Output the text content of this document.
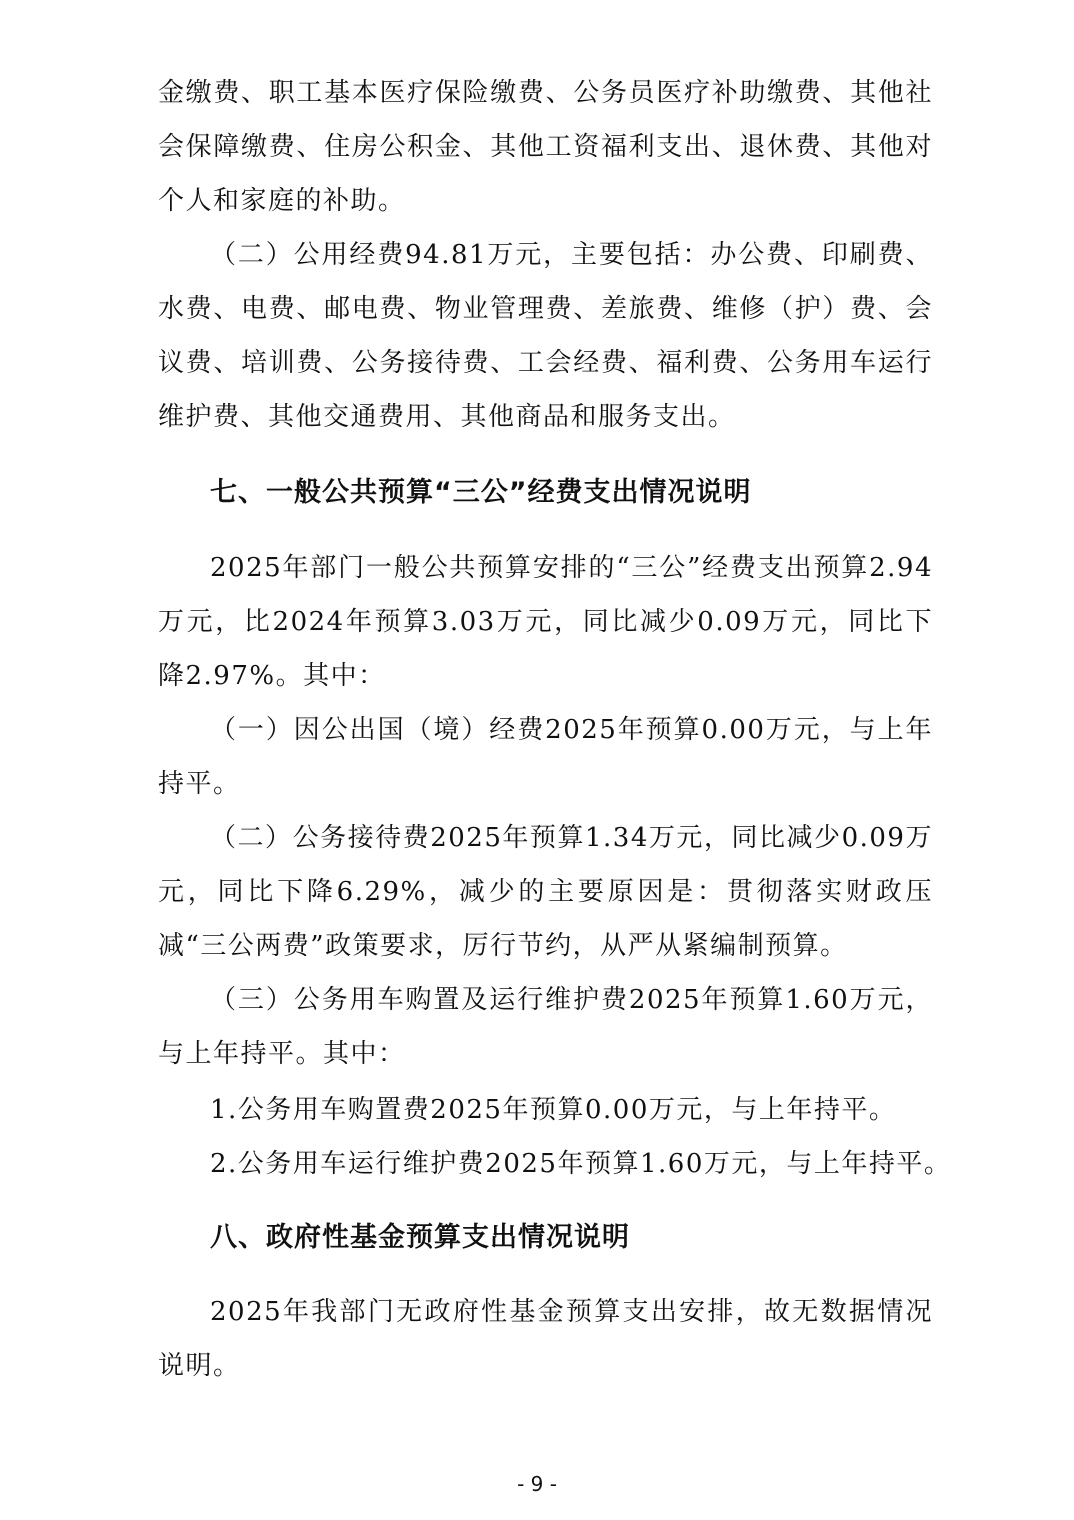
金缴费、职工基本医疗保险缴费、公务员医疗补助缴费、其他社会保障缴费、住房公积金、其他工资福利支出、退休费、其他对个人和家庭的补助。

（二）公用经费94.81万元，主要包括：办公费、印刷费、水费、电费、邮电费、物业管理费、差旅费、维修（护）费、会议费、培训费、公务接待费、工会经费、福利费、公务用车运行维护费、其他交通费用、其他商品和服务支出。

七、一般公共预算“三公”经费支出情况说明

2025年部门一般公共预算安排的“三公”经费支出预算2.94万元，比2024年预算3.03万元，同比减少0.09万元，同比下降2.97%。其中：

（一）因公出国（境）经费2025年预算0.00万元，与上年持平。

（二）公务接待费2025年预算1.34万元，同比减少0.09万元，同比下降6.29%，减少的主要原因是：贯彻落实财政压减“三公两费”政策要求，厉行节约，从严从紧编制预算。

（三）公务用车购置及运行维护费2025年预算1.60万元，与上年持平。其中：

1.公务用车购置费2025年预算0.00万元，与上年持平。

2.公务用车运行维护费2025年预算1.60万元，与上年持平。

八、政府性基金预算支出情况说明

2025年我部门无政府性基金预算支出安排，故无数据情况说明。

- 9 -
